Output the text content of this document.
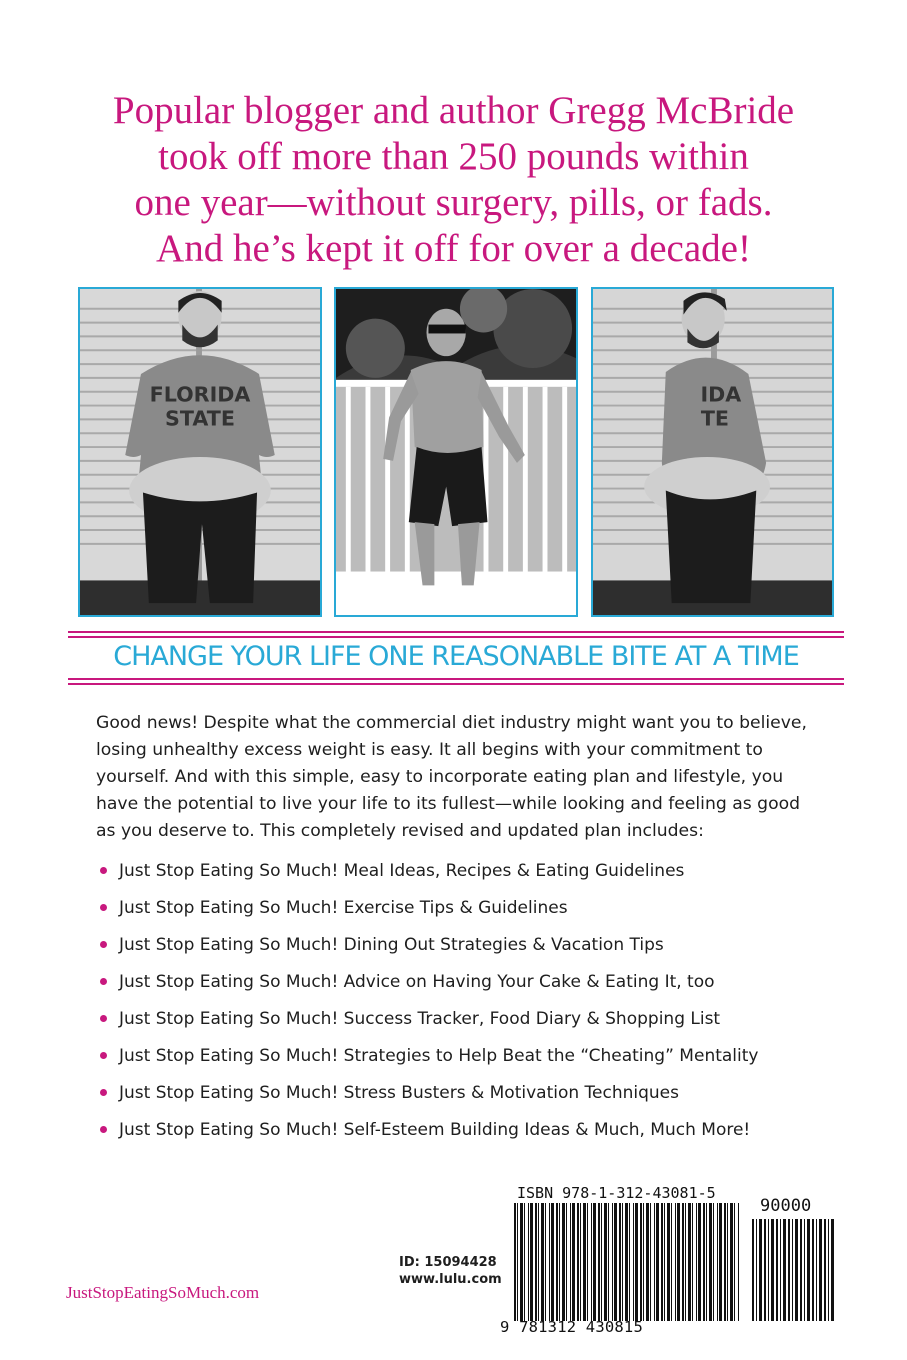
Popular blogger and author Gregg McBride
took off more than 250 pounds within
one year—without surgery, pills, or fads.
And he’s kept it off for over a decade!
FLORIDA
STATE
IDA
TE
CHANGE YOUR LIFE ONE REASONABLE BITE AT A TIME
Good news! Despite what the commercial diet industry might want you to believe,
losing unhealthy excess weight is easy. It all begins with your commitment to
yourself. And with this simple, easy to incorporate eating plan and lifestyle, you
have the potential to live your life to its fullest—while looking and feeling as good
as you deserve to. This completely revised and updated plan includes:
Just Stop Eating So Much! Meal Ideas, Recipes & Eating Guidelines
Just Stop Eating So Much! Exercise Tips & Guidelines
Just Stop Eating So Much! Dining Out Strategies & Vacation Tips
Just Stop Eating So Much! Advice on Having Your Cake & Eating It, too
Just Stop Eating So Much! Success Tracker, Food Diary & Shopping List
Just Stop Eating So Much! Strategies to Help Beat the “Cheating” Mentality
Just Stop Eating So Much! Stress Busters & Motivation Techniques
Just Stop Eating So Much! Self-Esteem Building Ideas & Much, Much More!
ISBN 978-1-312-43081-5
90000
9 781312 430815
ID: 15094428
www.lulu.com
JustStopEatingSoMuch.com
